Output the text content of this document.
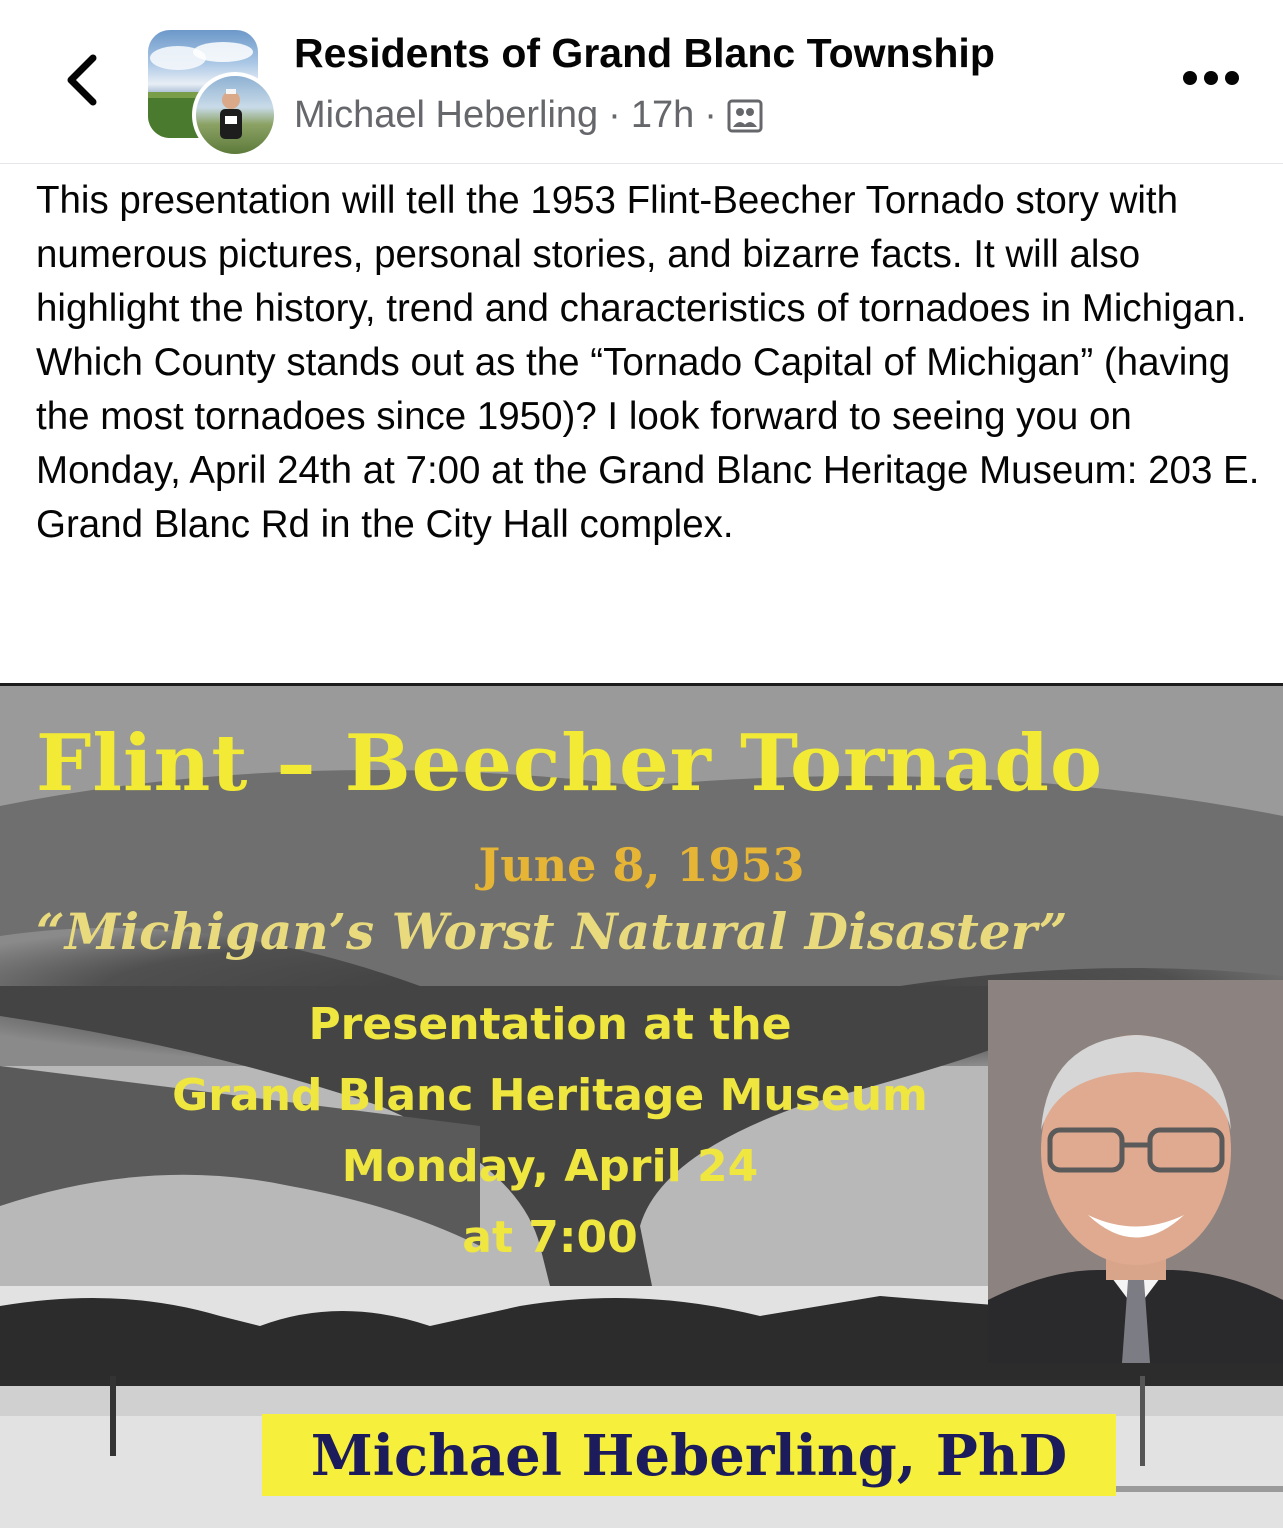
Residents of Grand Blanc Township
Michael Heberling · 17h ·
This presentation will tell the 1953 Flint-Beecher Tornado story with numerous pictures, personal stories, and bizarre facts. It will also highlight the history, trend and characteristics of tornadoes in Michigan. Which County stands out as the “Tornado Capital of Michigan” (having the most tornadoes since 1950)? I look forward to seeing you on Monday, April 24th at 7:00 at the Grand Blanc Heritage Museum: 203 E. Grand Blanc Rd in the City Hall complex.
Flint – Beecher Tornado
June 8, 1953
“Michigan’s Worst Natural Disaster”
Presentation at the
Grand Blanc Heritage Museum
Monday, April 24
at 7:00
Michael Heberling, PhD
